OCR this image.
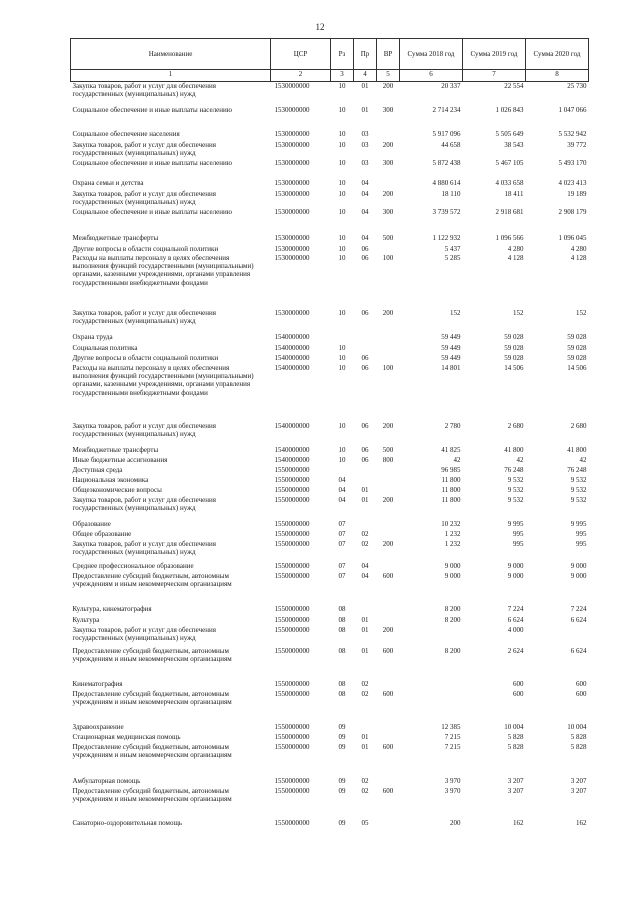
12
Наименование	ЦСР	Рз	Пр	ВР	Сумма 2018 год	Сумма 2019 год	Сумма 2020 год
1	2	3	4	5	6	7	8
Закупка товаров, работ и услуг для обеспечения государственных (муниципальных) нужд	1530000000	10	01	200	20 337	22 554	25 730
Социальное обеспечение и иные выплаты населению	1530000000	10	01	300	2 714 234	1 026 843	1 047 066
Социальное обеспечение населения	1530000000	10	03		5 917 096	5 505 649	5 532 942
Закупка товаров, работ и услуг для обеспечения государственных (муниципальных) нужд	1530000000	10	03	200	44 658	38 543	39 772
Социальное обеспечение и иные выплаты населению	1530000000	10	03	300	5 872 438	5 467 105	5 493 170
Охрана семьи и детства	1530000000	10	04		4 880 614	4 033 658	4 023 413
Закупка товаров, работ и услуг для обеспечения государственных (муниципальных) нужд	1530000000	10	04	200	18 110	18 411	19 189
Социальное обеспечение и иные выплаты населению	1530000000	10	04	300	3 739 572	2 918 681	2 908 179
Межбюджетные трансферты	1530000000	10	04	500	1 122 932	1 096 566	1 096 045
Другие вопросы в области социальной политики	1530000000	10	06		5 437	4 280	4 280
Расходы на выплаты персоналу в целях обеспечения выполнения функций государственными (муниципальными) органами, казенными учреждениями, органами управления государственными внебюджетными фондами	1530000000	10	06	100	5 285	4 128	4 128
Закупка товаров, работ и услуг для обеспечения государственных (муниципальных) нужд	1530000000	10	06	200	152	152	152
Охрана труда	1540000000				59 449	59 028	59 028
Социальная политика	1540000000	10			59 449	59 028	59 028
Другие вопросы в области социальной политики	1540000000	10	06		59 449	59 028	59 028
Расходы на выплаты персоналу в целях обеспечения выполнения функций государственными (муниципальными) органами, казенными учреждениями, органами управления государственными внебюджетными фондами	1540000000	10	06	100	14 801	14 506	14 506
Закупка товаров, работ и услуг для обеспечения государственных (муниципальных) нужд	1540000000	10	06	200	2 780	2 680	2 680
Межбюджетные трансферты	1540000000	10	06	500	41 825	41 800	41 800
Иные бюджетные ассигнования	1540000000	10	06	800	42	42	42
Доступная среда	1550000000				96 985	76 248	76 248
Национальная экономика	1550000000	04			11 800	9 532	9 532
Общеэкономические вопросы	1550000000	04	01		11 800	9 532	9 532
Закупка товаров, работ и услуг для обеспечения государственных (муниципальных) нужд	1550000000	04	01	200	11 800	9 532	9 532
Образование	1550000000	07			10 232	9 995	9 995
Общее образование	1550000000	07	02		1 232	995	995
Закупка товаров, работ и услуг для обеспечения государственных (муниципальных) нужд	1550000000	07	02	200	1 232	995	995
Среднее профессиональное образование	1550000000	07	04		9 000	9 000	9 000
Предоставление субсидий бюджетным, автономным учреждениям и иным некоммерческим организациям	1550000000	07	04	600	9 000	9 000	9 000
Культура, кинематография	1550000000	08			8 200	7 224	7 224
Культура	1550000000	08	01		8 200	6 624	6 624
Закупка товаров, работ и услуг для обеспечения государственных (муниципальных) нужд	1550000000	08	01	200		4 000	
Предоставление субсидий бюджетным, автономным учреждениям и иным некоммерческим организациям	1550000000	08	01	600	8 200	2 624	6 624
Кинематография	1550000000	08	02			600	600
Предоставление субсидий бюджетным, автономным учреждениям и иным некоммерческим организациям	1550000000	08	02	600		600	600
Здравоохранение	1550000000	09			12 385	10 004	10 004
Стационарная медицинская помощь	1550000000	09	01		7 215	5 828	5 828
Предоставление субсидий бюджетным, автономным учреждениям и иным некоммерческим организациям	1550000000	09	01	600	7 215	5 828	5 828
Амбулаторная помощь	1550000000	09	02		3 970	3 207	3 207
Предоставление субсидий бюджетным, автономным учреждениям и иным некоммерческим организациям	1550000000	09	02	600	3 970	3 207	3 207
Санаторно-оздоровительная помощь	1550000000	09	05		200	162	162
